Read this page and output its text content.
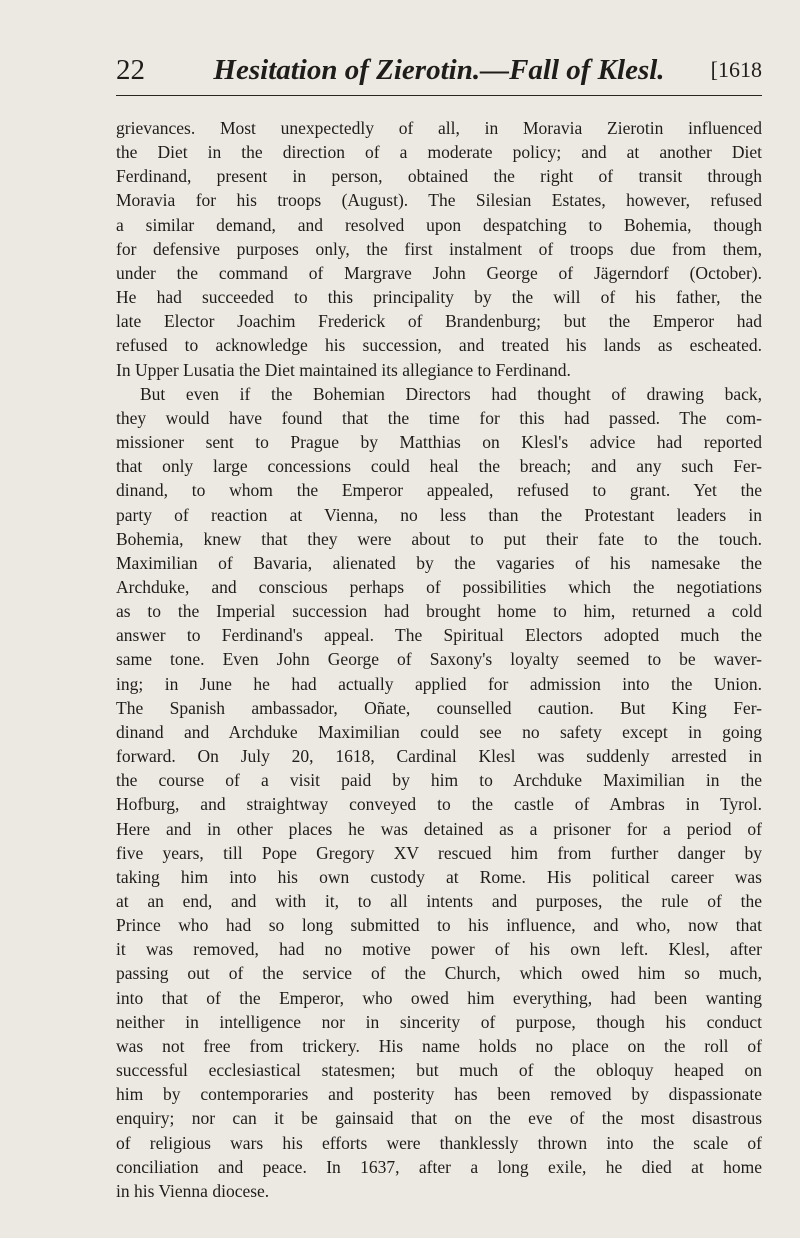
22	Hesitation of Zierotin.—Fall of Klesl.	[1618
grievances. Most unexpectedly of all, in Moravia Zierotin influenced
the Diet in the direction of a moderate policy; and at another Diet
Ferdinand, present in person, obtained the right of transit through
Moravia for his troops (August). The Silesian Estates, however, refused
a similar demand, and resolved upon despatching to Bohemia, though
for defensive purposes only, the first instalment of troops due from them,
under the command of Margrave John George of Jägerndorf (October).
He had succeeded to this principality by the will of his father, the
late Elector Joachim Frederick of Brandenburg; but the Emperor had
refused to acknowledge his succession, and treated his lands as escheated.
In Upper Lusatia the Diet maintained its allegiance to Ferdinand.
But even if the Bohemian Directors had thought of drawing back,
they would have found that the time for this had passed. The com-
missioner sent to Prague by Matthias on Klesl's advice had reported
that only large concessions could heal the breach; and any such Fer-
dinand, to whom the Emperor appealed, refused to grant. Yet the
party of reaction at Vienna, no less than the Protestant leaders in
Bohemia, knew that they were about to put their fate to the touch.
Maximilian of Bavaria, alienated by the vagaries of his namesake the
Archduke, and conscious perhaps of possibilities which the negotiations
as to the Imperial succession had brought home to him, returned a cold
answer to Ferdinand's appeal. The Spiritual Electors adopted much the
same tone. Even John George of Saxony's loyalty seemed to be waver-
ing; in June he had actually applied for admission into the Union.
The Spanish ambassador, Oñate, counselled caution. But King Fer-
dinand and Archduke Maximilian could see no safety except in going
forward. On July 20, 1618, Cardinal Klesl was suddenly arrested in
the course of a visit paid by him to Archduke Maximilian in the
Hofburg, and straightway conveyed to the castle of Ambras in Tyrol.
Here and in other places he was detained as a prisoner for a period of
five years, till Pope Gregory XV rescued him from further danger by
taking him into his own custody at Rome. His political career was
at an end, and with it, to all intents and purposes, the rule of the
Prince who had so long submitted to his influence, and who, now that
it was removed, had no motive power of his own left. Klesl, after
passing out of the service of the Church, which owed him so much,
into that of the Emperor, who owed him everything, had been wanting
neither in intelligence nor in sincerity of purpose, though his conduct
was not free from trickery. His name holds no place on the roll of
successful ecclesiastical statesmen; but much of the obloquy heaped on
him by contemporaries and posterity has been removed by dispassionate
enquiry; nor can it be gainsaid that on the eve of the most disastrous
of religious wars his efforts were thanklessly thrown into the scale of
conciliation and peace. In 1637, after a long exile, he died at home
in his Vienna diocese.
